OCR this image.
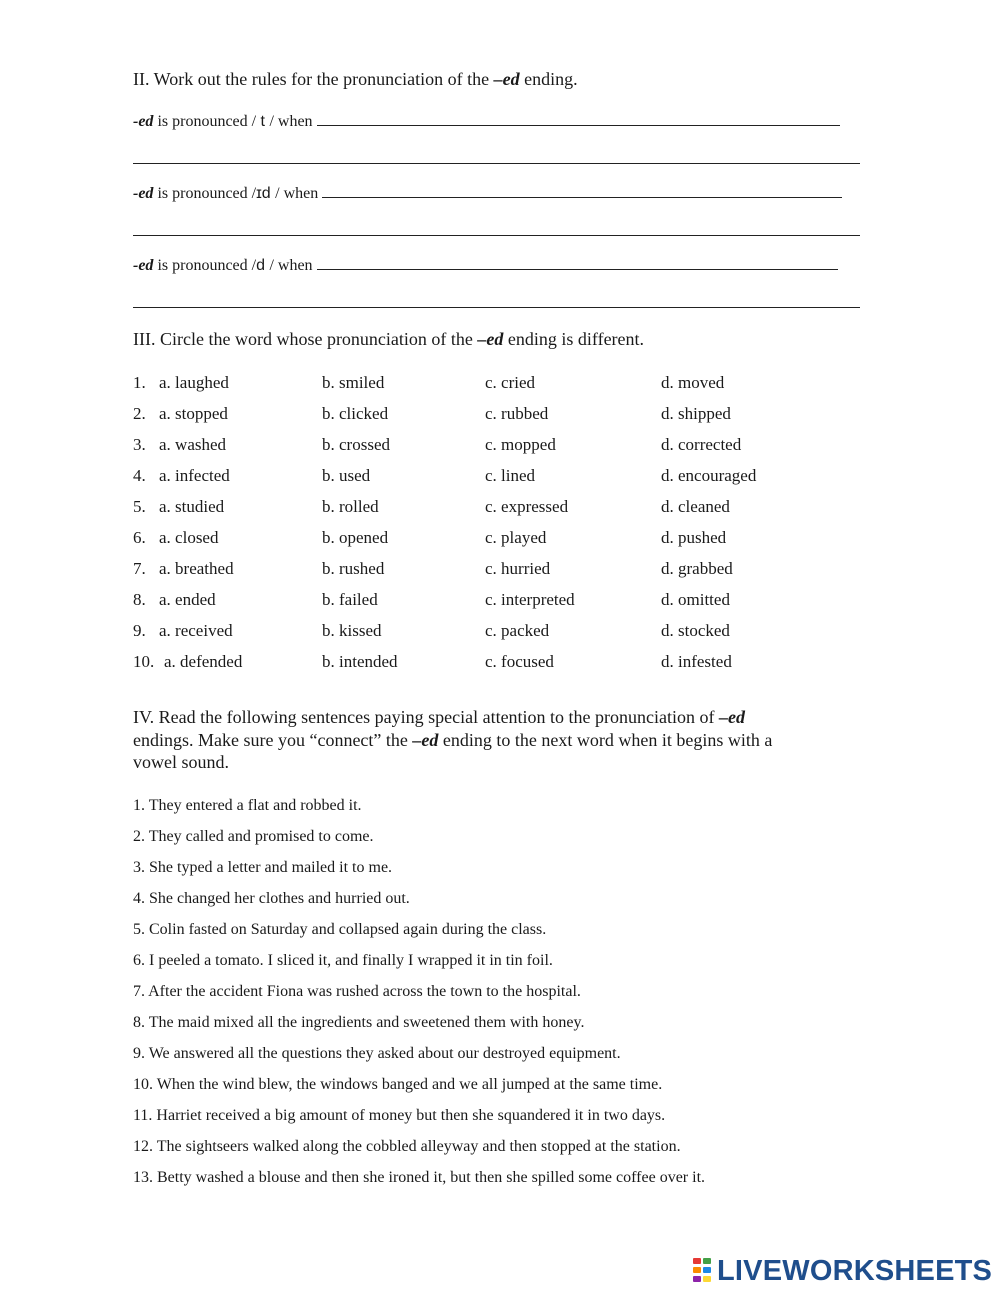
II. Work out the rules for the pronunciation of the –ed ending.
-ed is pronounced / t / when
-ed is pronounced /ɪd / when
-ed is pronounced /d / when
III. Circle the word whose pronunciation of the –ed ending is different.
1. a. laughed	b. smiled	c. cried	d. moved
2. a. stopped	b. clicked	c. rubbed	d. shipped
3. a. washed	b. crossed	c. mopped	d. corrected
4. a. infected	b. used	c. lined	d. encouraged
5. a. studied	b. rolled	c. expressed	d. cleaned
6. a. closed	b. opened	c. played	d. pushed
7. a. breathed	b. rushed	c. hurried	d. grabbed
8. a. ended	b. failed	c. interpreted	d. omitted
9. a. received	b. kissed	c. packed	d. stocked
10. a. defended	b. intended	c. focused	d. infested
IV. Read the following sentences paying special attention to the pronunciation of –ed
endings. Make sure you “connect” the –ed ending to the next word when it begins with a
vowel sound.
1. They entered a flat and robbed it.
2. They called and promised to come.
3. She typed a letter and mailed it to me.
4. She changed her clothes and hurried out.
5. Colin fasted on Saturday and collapsed again during the class.
6. I peeled a tomato. I sliced it, and finally I wrapped it in tin foil.
7. After the accident Fiona was rushed across the town to the hospital.
8. The maid mixed all the ingredients and sweetened them with honey.
9. We answered all the questions they asked about our destroyed equipment.
10. When the wind blew, the windows banged and we all jumped at the same time.
11. Harriet received a big amount of money but then she squandered it in two days.
12. The sightseers walked along the cobbled alleyway and then stopped at the station.
13. Betty washed a blouse and then she ironed it, but then she spilled some coffee over it.
LIVEWORKSHEETS
